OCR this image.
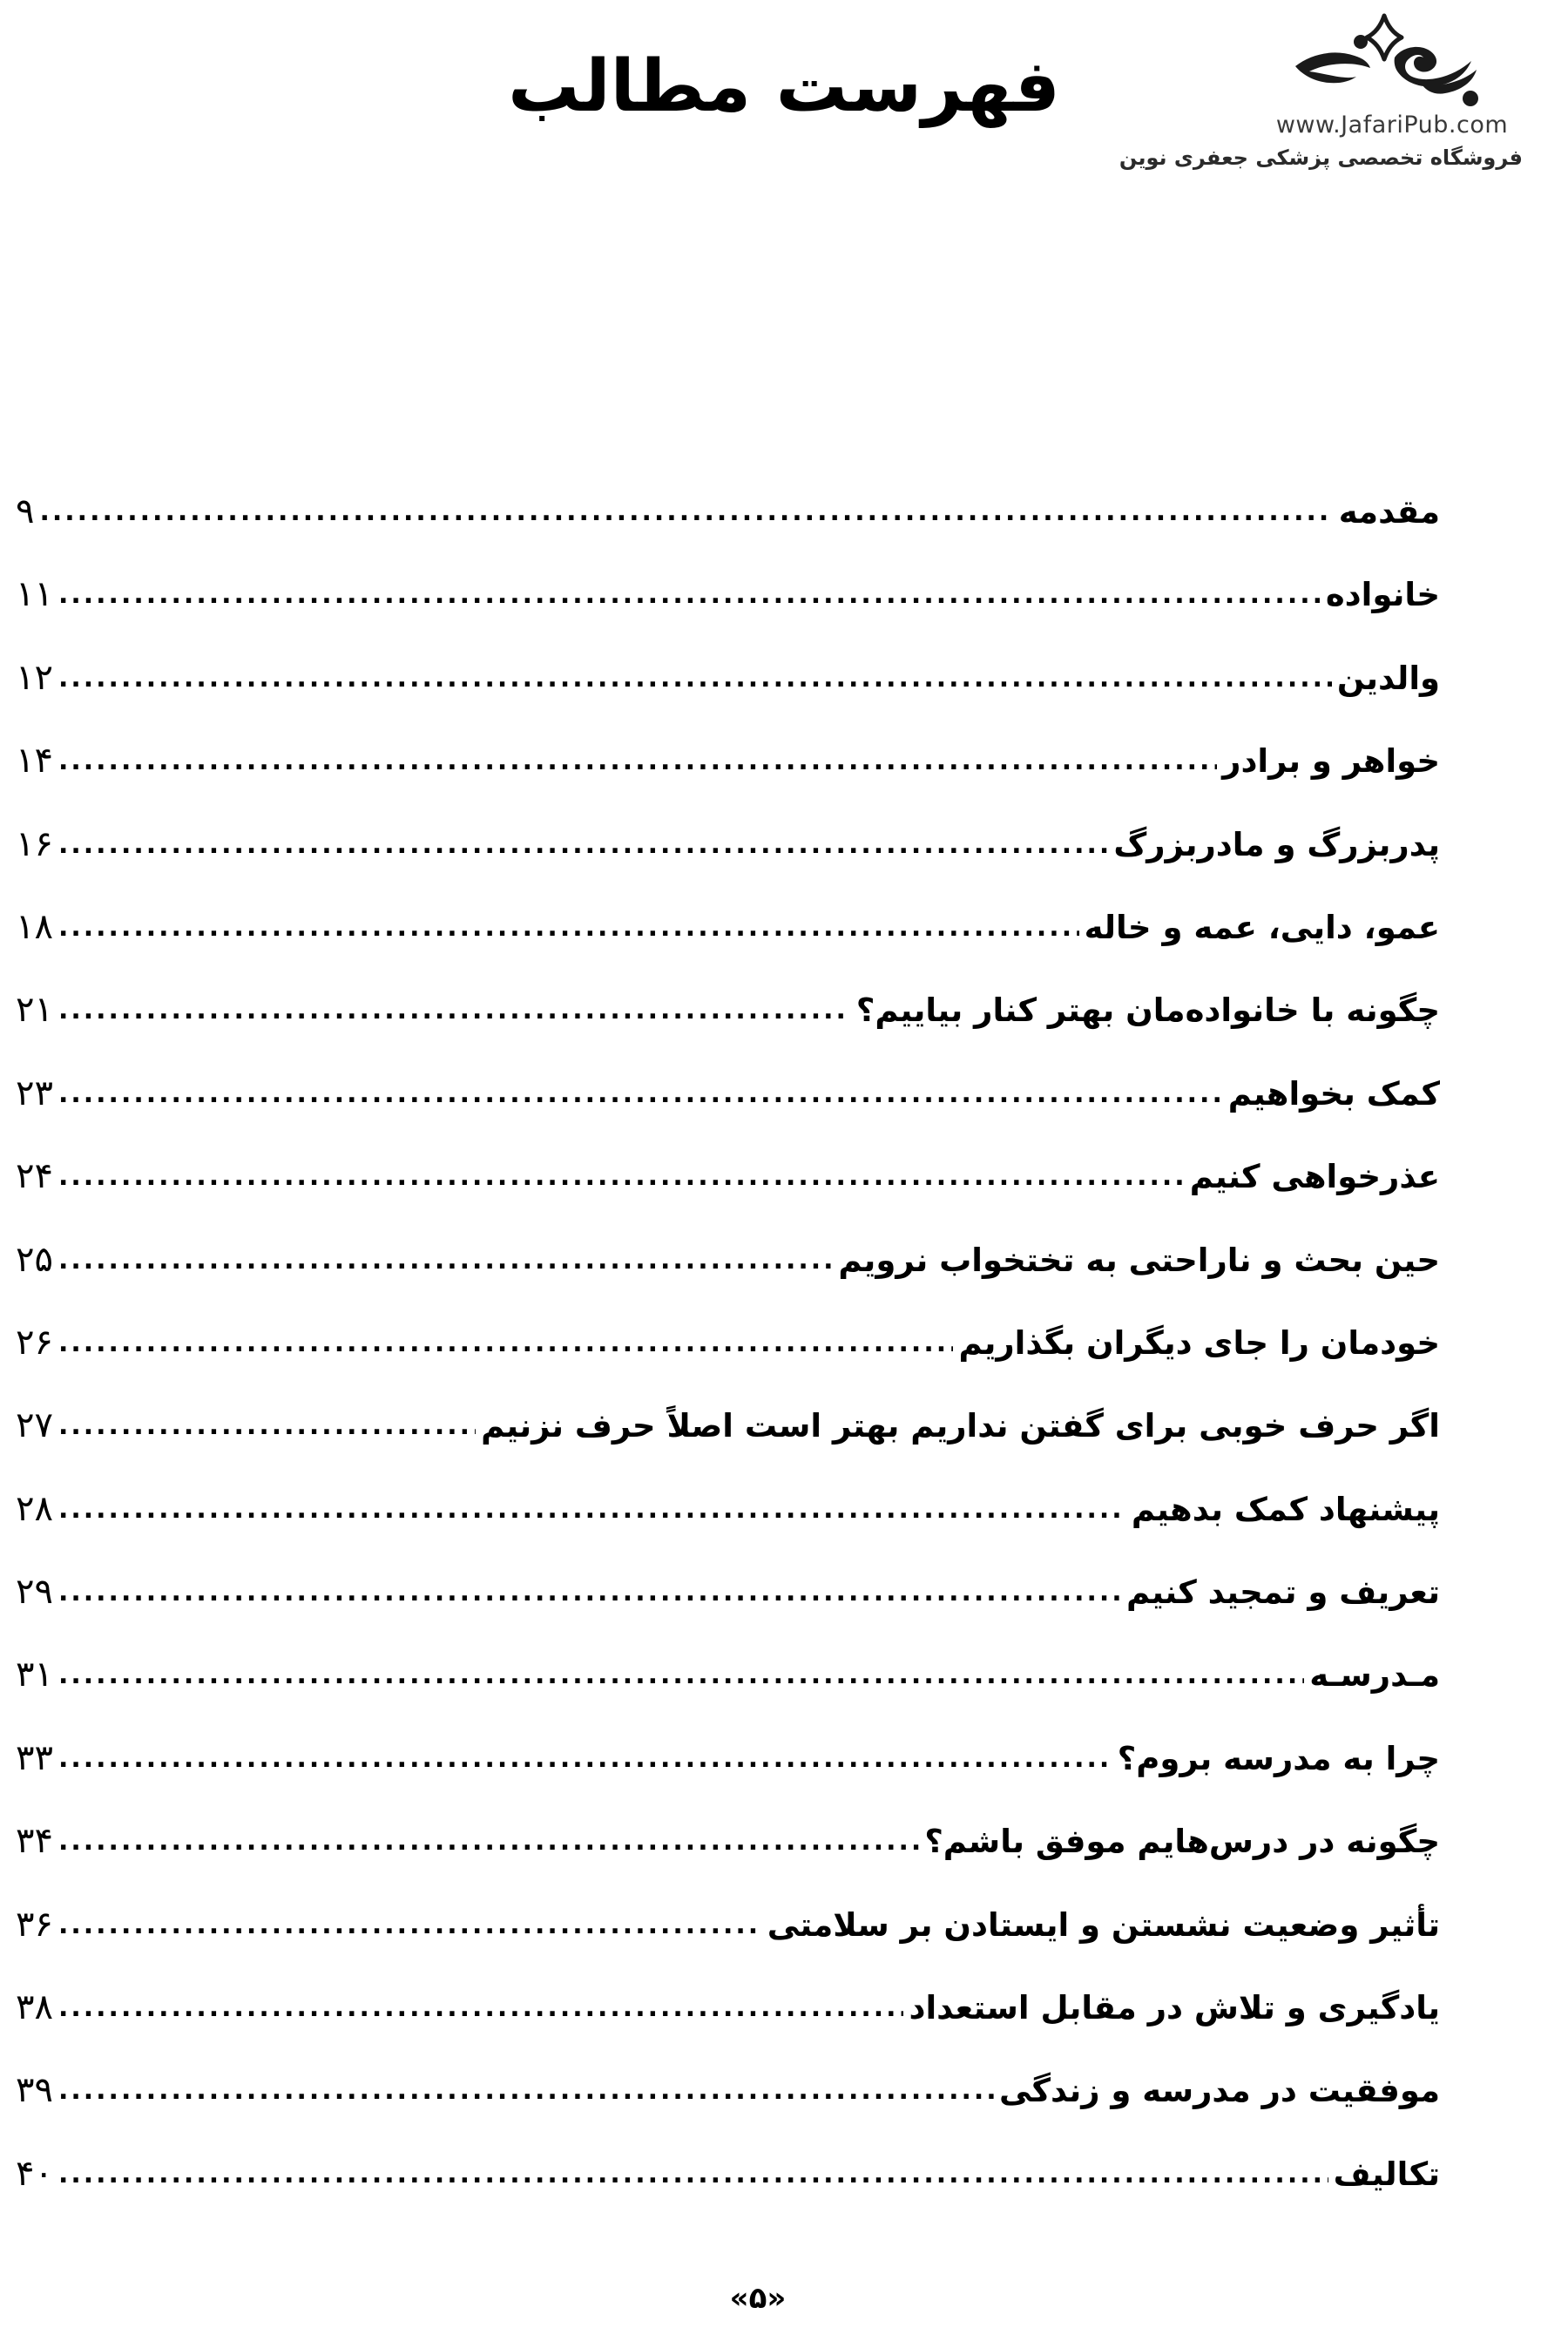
فهرست مطالب	www.JafariPub.com
فروشگاه تخصصی پزشکی جعفری نوین
مقدمه
.....
۹
خانواده
.....
۱۱
والدین
.....
۱۲
خواهر و برادر
.....
۱۴
پدربزرگ و مادربزرگ
.....
۱۶
عمو، دایی، عمه و خاله
.....
۱۸
چگونه با خانواده‌مان بهتر کنار بیاییم؟
.....
۲۱
کمک بخواهیم
.....
۲۳
عذرخواهی کنیم
.....
۲۴
حین بحث و ناراحتی به تختخواب نرویم
.....
۲۵
خودمان را جای دیگران بگذاریم
.....
۲۶
اگر حرف خوبی برای گفتن نداریم بهتر است اصلاً حرف نزنیم
.....
۲۷
پیشنهاد کمک بدهیم
.....
۲۸
تعریف و تمجید کنیم
.....
۲۹
مـدرسـه
.....
۳۱
چرا به مدرسه بروم؟
.....
۳۳
چگونه در درس‌هایم موفق باشم؟
.....
۳۴
تأثیر وضعیت نشستن و ایستادن بر سلامتی
.....
۳۶
یادگیری و تلاش در مقابل استعداد
.....
۳۸
موفقیت در مدرسه و زندگی
.....
۳۹
تکالیف
.....
۴۰
«۵»
